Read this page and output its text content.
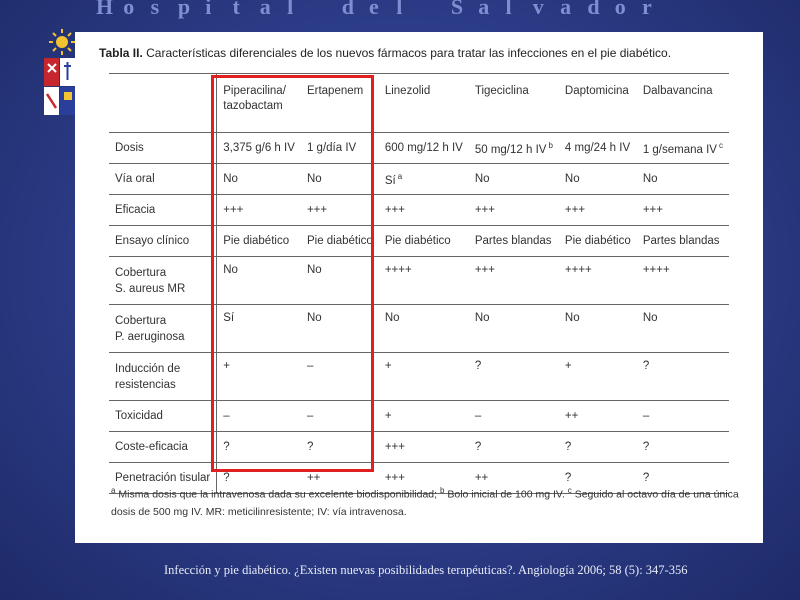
H o s p i t a l d e l S a l v a d o r
Tabla II. Características diferenciales de los nuevos fármacos para tratar las infecciones en el pie diabético.

	Piperacilina/
tazobactam	Ertapenem	Linezolid	Tigeciclina	Daptomicina	Dalbavancina

Dosis	3,375 g/6 h IV	1 g/día IV	600 mg/12 h IV	50 mg/12 h IV $^b$	4 mg/24 h IV	1 g/semana IV $^c$

Vía oral	No	No	Sí $^a$	No	No	No

Eficacia	+++	+++	+++	+++	+++	+++

Ensayo clínico	Pie diabético	Pie diabético	Pie diabético	Partes blandas	Pie diabético	Partes blandas

Cobertura
S. aureus MR	No	No	++++	+++	++++	++++

Cobertura
P. aeruginosa	Sí	No	No	No	No	No

Inducción de
resistencias	+	–	+	?	+	?

Toxicidad	–	–	+	–	++	–

Coste-eficacia	?	?	+++	?	?	?

Penetración tisular	?	++	+++	++	?	?
$^a$ Misma dosis que la intravenosa dada su excelente biodisponibilidad; $^b$ Bolo inicial de 100 mg IV. $^c$ Seguido al octavo día de una única dosis de 500 mg IV. MR: meticilinresistente; IV: vía intravenosa.
Infección y pie diabético. ¿Existen nuevas posibilidades terapéuticas?. Angiología 2006; 58 (5): 347-356
